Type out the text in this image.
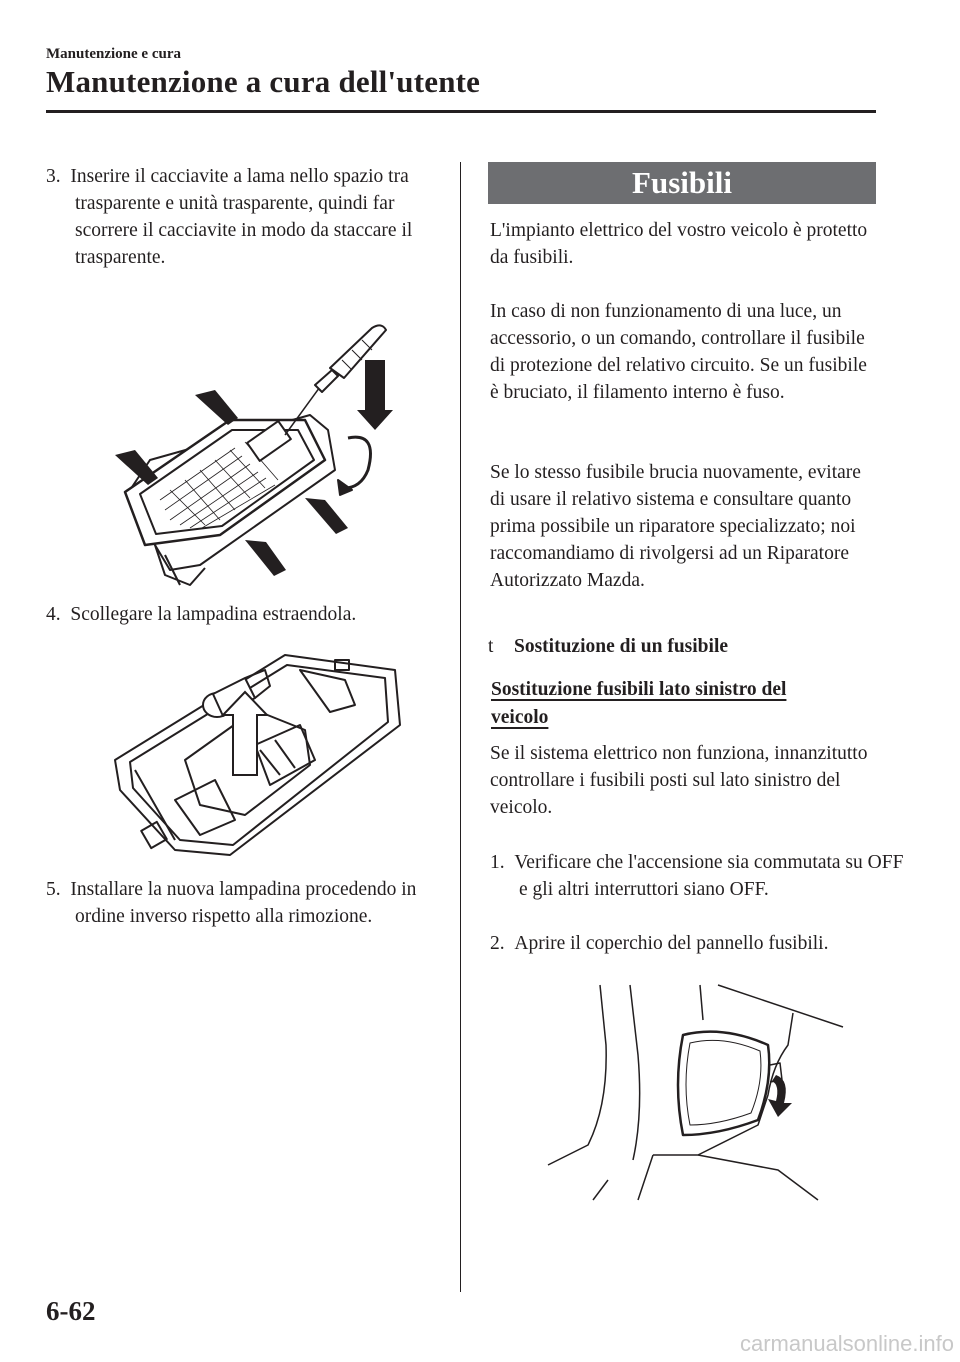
Manutenzione e cura
Manutenzione a cura dell'utente
3.  Inserire il cacciavite a lama nello spazio tra trasparente e unità trasparente, quindi far scorrere il cacciavite in modo da staccare il trasparente.
4.  Scollegare la lampadina estraendola.
5.  Installare la nuova lampadina procedendo in ordine inverso rispetto alla rimozione.
Fusibili
L'impianto elettrico del vostro veicolo è protetto da fusibili.
In caso di non funzionamento di una luce, un accessorio, o un comando, controllare il fusibile di protezione del relativo circuito. Se un fusibile è bruciato, il filamento interno è fuso.
Se lo stesso fusibile brucia nuovamente, evitare di usare il relativo sistema e consultare quanto prima possibile un riparatore specializzato; noi raccomandiamo di rivolgersi ad un Riparatore Autorizzato Mazda.
t Sostituzione di un fusibile
Sostituzione fusibili lato sinistro del veicolo
Se il sistema elettrico non funziona, innanzitutto controllare i fusibili posti sul lato sinistro del veicolo.
1.  Verificare che l'accensione sia commutata su OFF e gli altri interruttori siano OFF.
2.  Aprire il coperchio del pannello fusibili.
6-62
carmanualsonline.info
